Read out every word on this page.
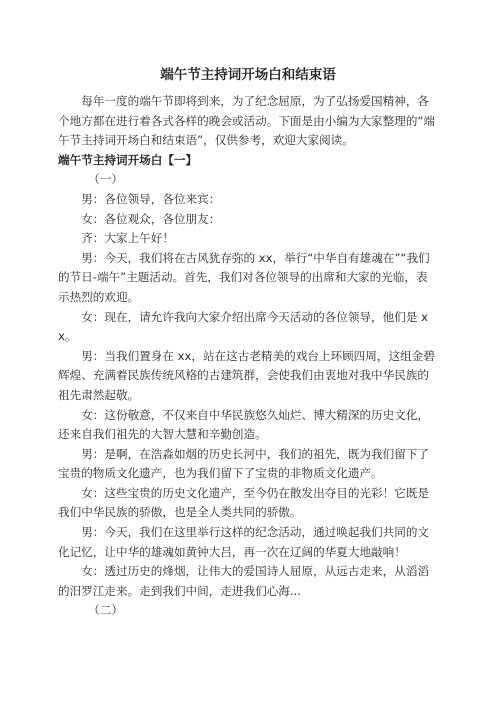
端午节主持词开场白和结束语

每年一度的端午节即将到来，为了纪念屈原，为了弘扬爱国精神，各个地方都在进行着各式各样的晚会或活动。下面是由小编为大家整理的“端午节主持词开场白和结束语”，仅供参考，欢迎大家阅读。

端午节主持词开场白【一】

（一）

男：各位领导，各位来宾：

女：各位观众，各位朋友：

齐：大家上午好！

男：今天，我们将在古风犹存弥的 xx，举行“中华自有雄魂在”“我们的节日-端午”主题活动。首先，我们对各位领导的出席和大家的光临，表示热烈的欢迎。

女：现在，请允许我向大家介绍出席今天活动的各位领导，他们是 xx。

男：当我们置身在 xx，站在这古老精美的戏台上环顾四周，这组金碧辉煌、充满着民族传统风格的古建筑群，会使我们由衷地对我中华民族的祖先肃然起敬。

女：这份敬意，不仅来自中华民族悠久灿烂、博大精深的历史文化，还来自我们祖先的大智大慧和辛勤创造。

男：是啊，在浩淼如烟的历史长河中，我们的祖先，既为我们留下了宝贵的物质文化遗产，也为我们留下了宝贵的非物质文化遗产。

女：这些宝贵的历史文化遗产，至今仍在散发出夺目的光彩！它既是我们中华民族的骄傲，也是全人类共同的骄傲。

男：今天，我们在这里举行这样的纪念活动，通过唤起我们共同的文化记忆，让中华的雄魂如黄钟大吕，再一次在辽阔的华夏大地敲响！

女：透过历史的烽烟，让伟大的爱国诗人屈原，从远古走来，从滔滔的汨罗江走来。走到我们中间，走进我们心海...

（二）
